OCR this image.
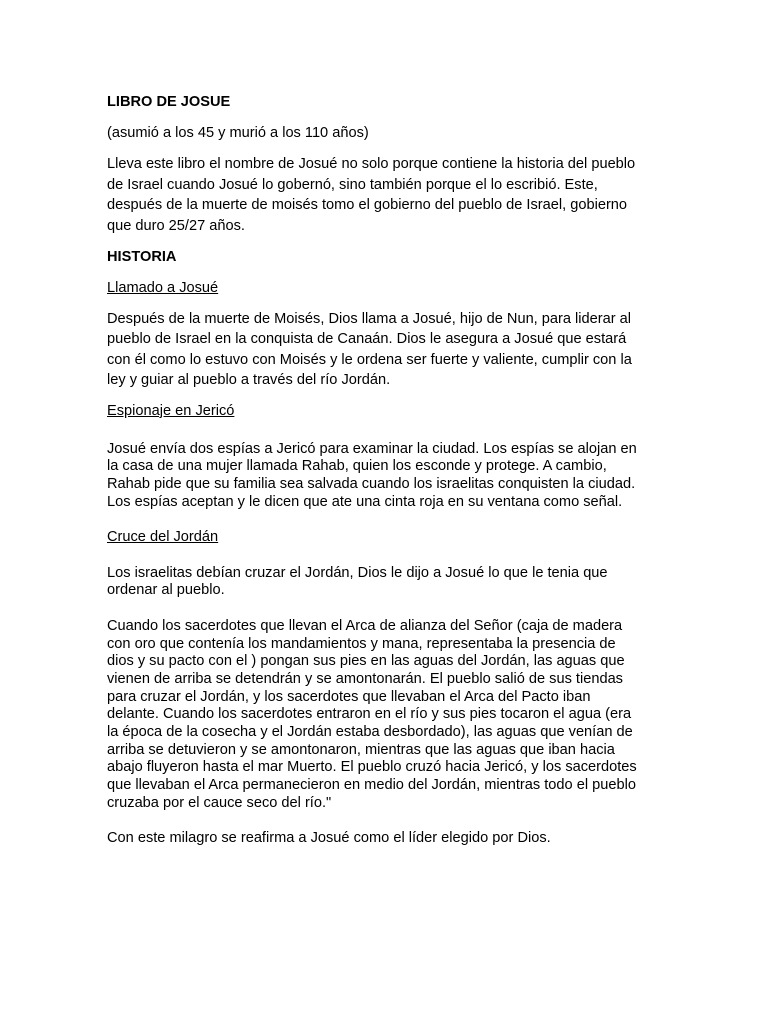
LIBRO DE JOSUE

(asumió a los 45 y murió a los 110 años)

Lleva este libro el nombre de Josué no solo porque contiene la historia del pueblo
de Israel cuando Josué lo gobernó, sino también porque el lo escribió. Este,
después de la muerte de moisés tomo el gobierno del pueblo de Israel, gobierno
que duro 25/27 años.

HISTORIA

Llamado a Josué

Después de la muerte de Moisés, Dios llama a Josué, hijo de Nun, para liderar al
pueblo de Israel en la conquista de Canaán. Dios le asegura a Josué que estará
con él como lo estuvo con Moisés y le ordena ser fuerte y valiente, cumplir con la
ley y guiar al pueblo a través del río Jordán.

Espionaje en Jericó

Josué envía dos espías a Jericó para examinar la ciudad. Los espías se alojan en
la casa de una mujer llamada Rahab, quien los esconde y protege. A cambio,
Rahab pide que su familia sea salvada cuando los israelitas conquisten la ciudad.
Los espías aceptan y le dicen que ate una cinta roja en su ventana como señal.

Cruce del Jordán

Los israelitas debían cruzar el Jordán, Dios le dijo a Josué lo que le tenia que
ordenar al pueblo.

Cuando los sacerdotes que llevan el Arca de alianza del Señor (caja de madera
con oro que contenía los mandamientos y mana, representaba la presencia de
dios y su pacto con el ) pongan sus pies en las aguas del Jordán, las aguas que
vienen de arriba se detendrán y se amontonarán. El pueblo salió de sus tiendas
para cruzar el Jordán, y los sacerdotes que llevaban el Arca del Pacto iban
delante. Cuando los sacerdotes entraron en el río y sus pies tocaron el agua (era
la época de la cosecha y el Jordán estaba desbordado), las aguas que venían de
arriba se detuvieron y se amontonaron, mientras que las aguas que iban hacia
abajo fluyeron hasta el mar Muerto. El pueblo cruzó hacia Jericó, y los sacerdotes
que llevaban el Arca permanecieron en medio del Jordán, mientras todo el pueblo
cruzaba por el cauce seco del río."

Con este milagro se reafirma a Josué como el líder elegido por Dios.
